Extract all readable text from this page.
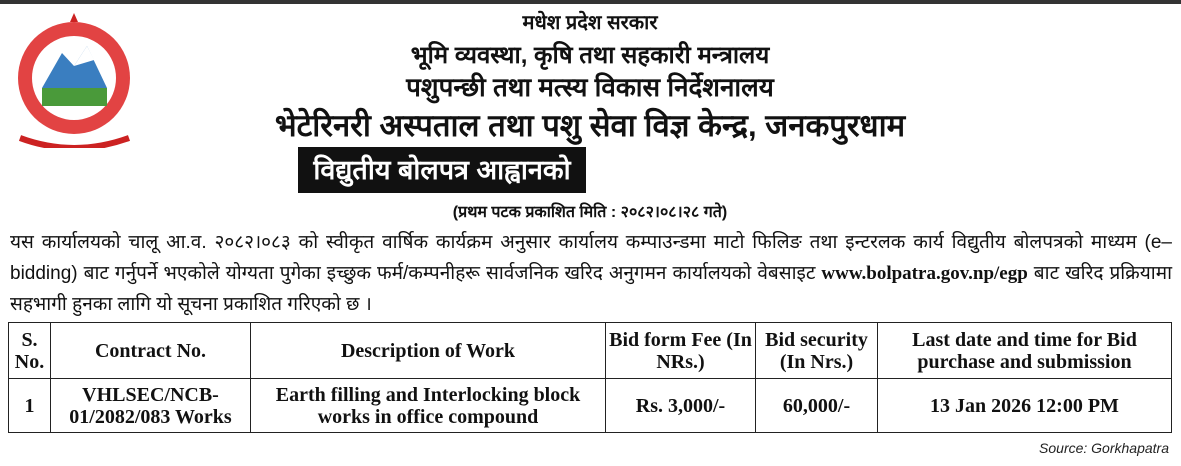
मधेश प्रदेश सरकार
भूमि व्यवस्था, कृषि तथा सहकारी मन्त्रालय
पशुपन्छी तथा मत्स्य विकास निर्देशनालय
भेटेरिनरी अस्पताल तथा पशु सेवा विज्ञ केन्द्र, जनकपुरधाम
विद्युतीय बोलपत्र आह्वानको सूचना
(प्रथम पटक प्रकाशित मिति : २०८२।०८।२८ गते)
यस कार्यालयको चालू आ.व. २०८२।०८३ को स्वीकृत वार्षिक कार्यक्रम अनुसार कार्यालय कम्पाउन्डमा माटो फिलिङ तथा इन्टरलक कार्य विद्युतीय बोलपत्रको माध्यम (e–bidding) बाट गर्नुपर्ने भएकोले योग्यता पुगेका इच्छुक फर्म/कम्पनीहरू सार्वजनिक खरिद अनुगमन कार्यालयको वेबसाइट www.bolpatra.gov.np/egp बाट खरिद प्रक्रियामा सहभागी हुनका लागि यो सूचना प्रकाशित गरिएको छ ।
S. No.	Contract No.	Description of Work	Bid form Fee (In NRs.)	Bid security (In Nrs.)	Last date and time for Bid purchase and submission
1	VHLSEC/NCB-01/2082/083 Works	Earth filling and Interlocking block works in office compound	Rs. 3,000/-	60,000/-	13 Jan 2026 12:00 PM
Source: Gorkhapatra
